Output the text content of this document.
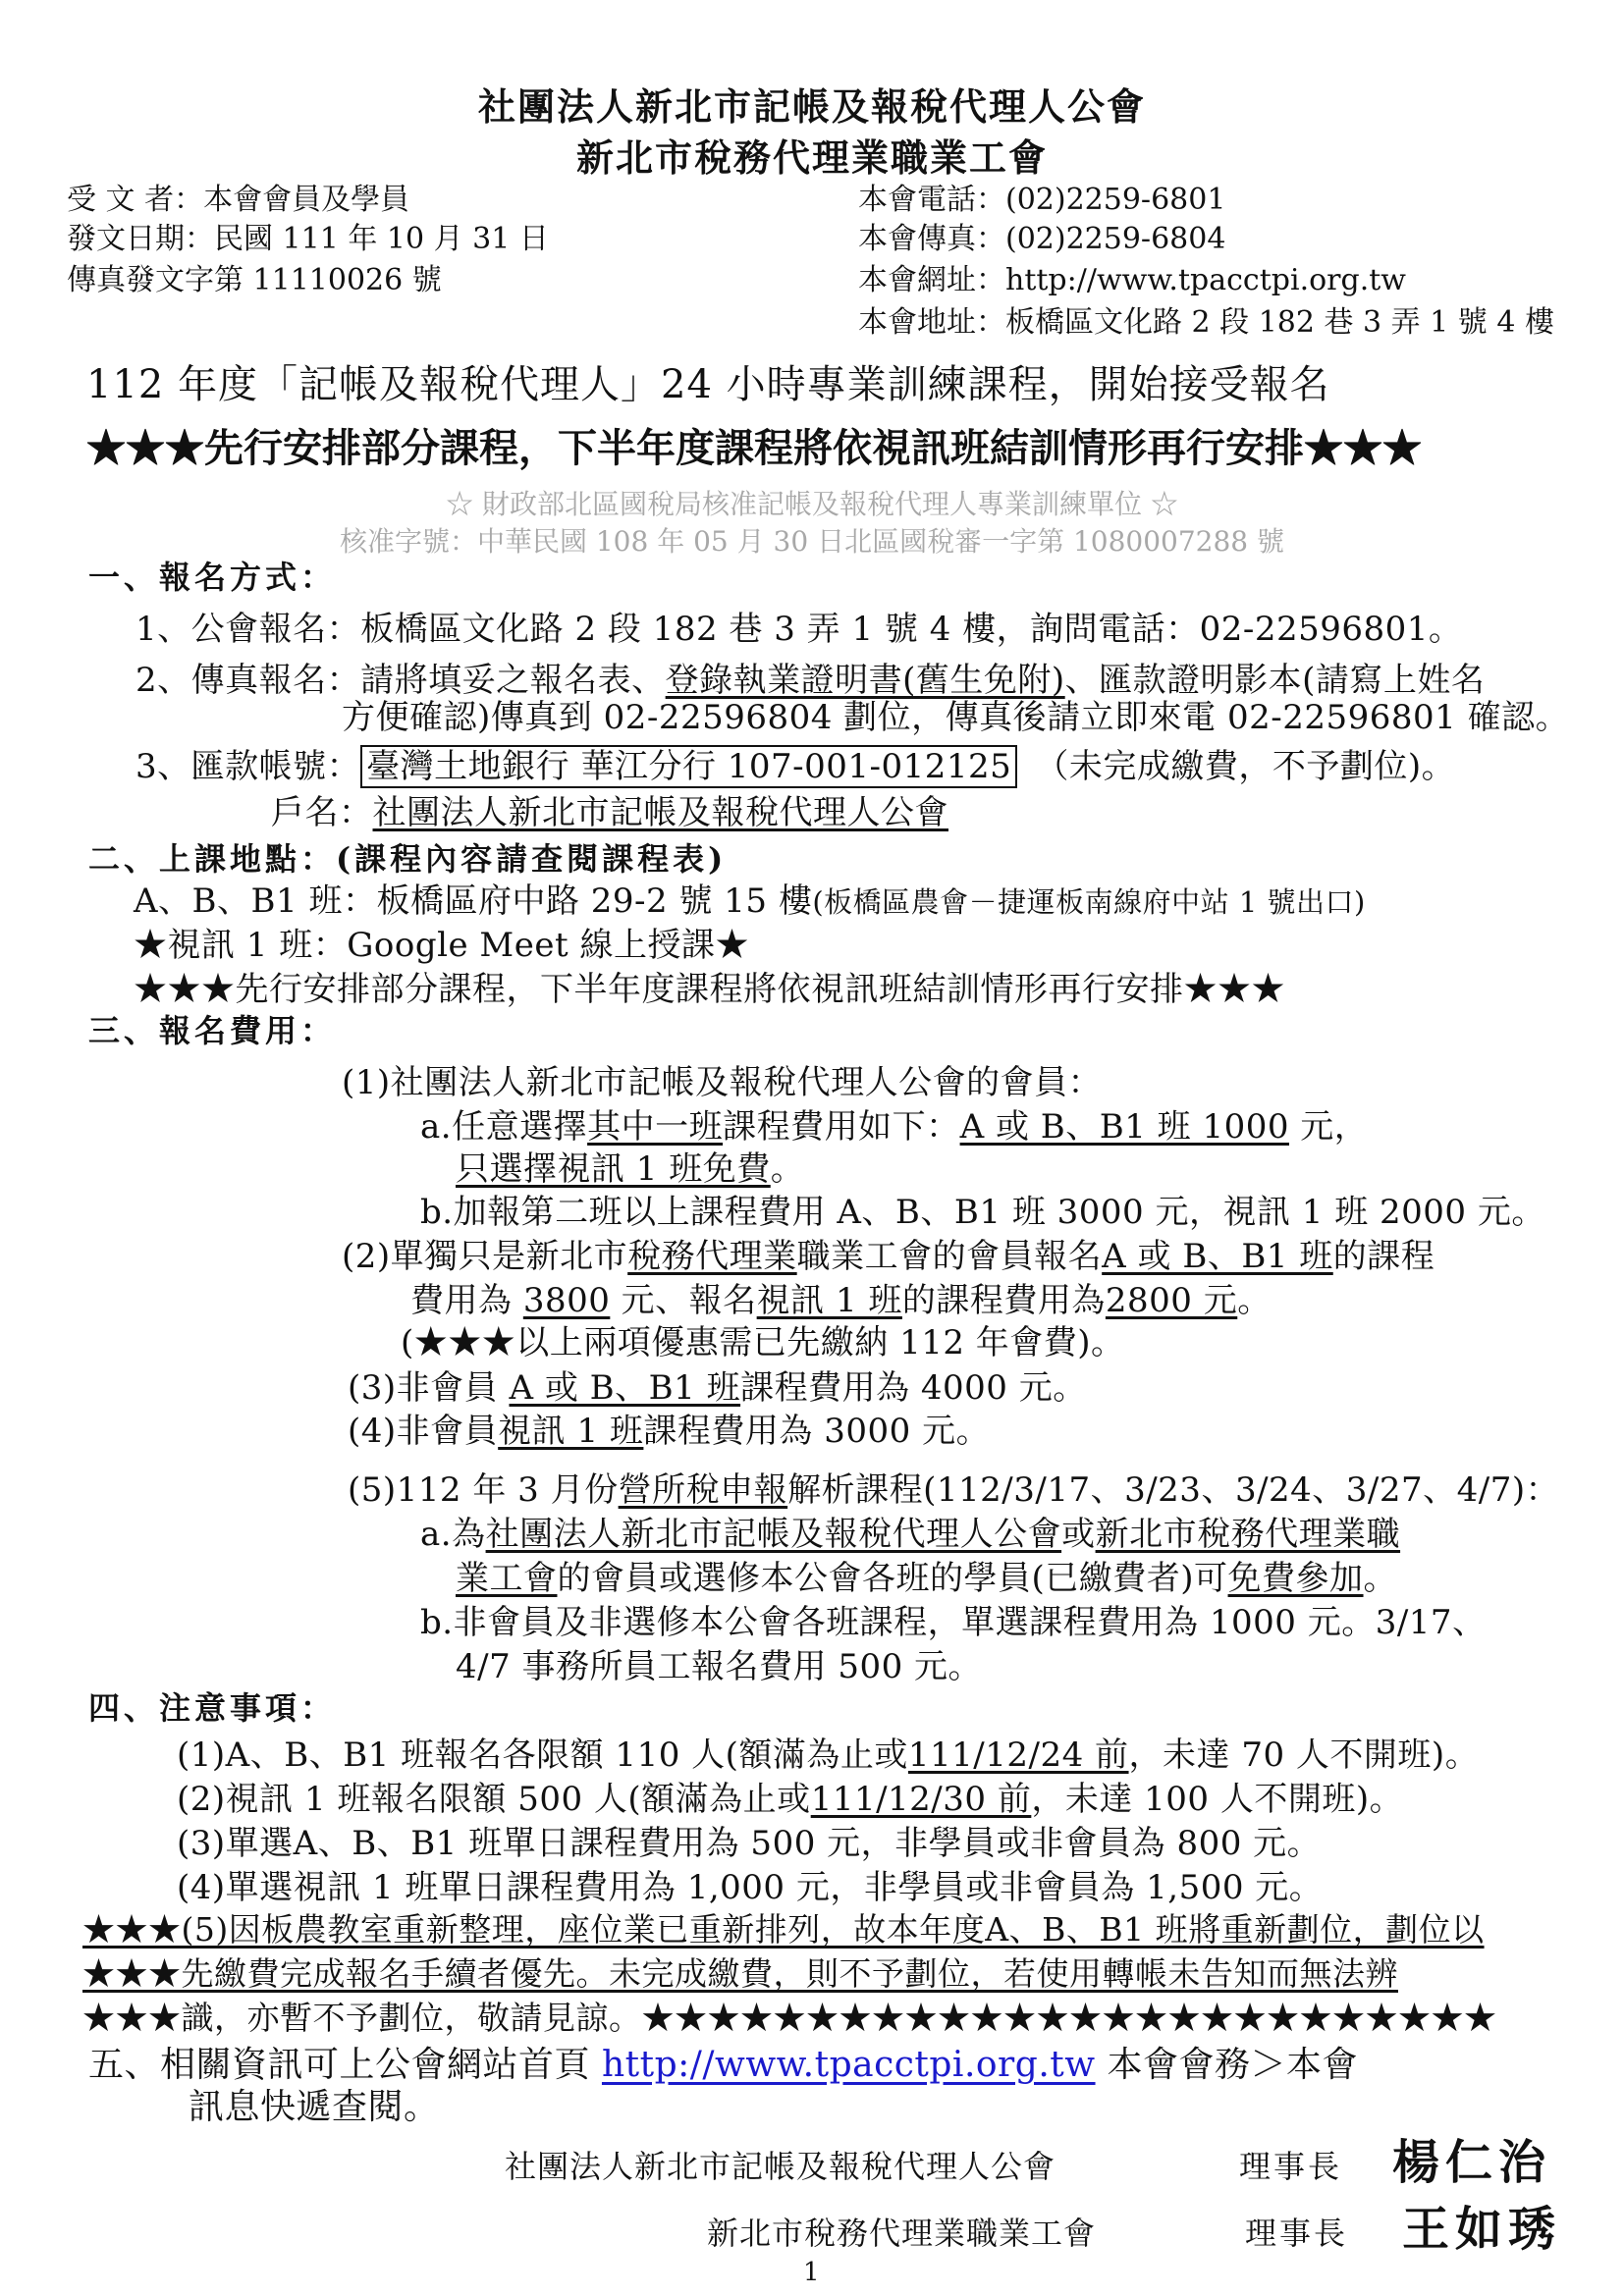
社團法人新北市記帳及報稅代理人公會
新北市稅務代理業職業工會
受 文 者：本會會員及學員
發文日期：民國 111 年 10 月 31 日
傳真發文字第 11110026 號
本會電話：(02)2259-6801
本會傳真：(02)2259-6804
本會網址：http://www.tpacctpi.org.tw
本會地址：板橋區文化路 2 段 182 巷 3 弄 1 號 4 樓
112 年度「記帳及報稅代理人」24 小時專業訓練課程，開始接受報名
★★★先行安排部分課程，下半年度課程將依視訊班結訓情形再行安排★★★
☆ 財政部北區國稅局核准記帳及報稅代理人專業訓練單位 ☆
核准字號：中華民國 108 年 05 月 30 日北區國稅審一字第 1080007288 號
一、報名方式：
1、公會報名：板橋區文化路 2 段 182 巷 3 弄 1 號 4 樓，詢問電話：02-22596801。
2、傳真報名：請將填妥之報名表、登錄執業證明書(舊生免附)、匯款證明影本(請寫上姓名
方便確認)傳真到 02-22596804 劃位，傳真後請立即來電 02-22596801 確認。
3、匯款帳號： 臺灣土地銀行 華江分行 107-001-012125 （未完成繳費，不予劃位)。
戶名：社團法人新北市記帳及報稅代理人公會
二、上課地點：(課程內容請查閱課程表)
A、B、B1 班：板橋區府中路 29-2 號 15 樓(板橋區農會－捷運板南線府中站 1 號出口)
★視訊 1 班：Google Meet 線上授課★
★★★先行安排部分課程，下半年度課程將依視訊班結訓情形再行安排★★★
三、報名費用：
(1)社團法人新北市記帳及報稅代理人公會的會員：
a.任意選擇其中一班課程費用如下：A 或 B、B1 班 1000 元，
只選擇視訊 1 班免費。
b.加報第二班以上課程費用 A、B、B1 班 3000 元，視訊 1 班 2000 元。
(2)單獨只是新北市稅務代理業職業工會的會員報名A 或 B、B1 班的課程
費用為 3800 元、報名視訊 1 班的課程費用為2800 元。
(★★★以上兩項優惠需已先繳納 112 年會費)。
(3)非會員 A 或 B、B1 班課程費用為 4000 元。
(4)非會員視訊 1 班課程費用為 3000 元。
(5)112 年 3 月份營所稅申報解析課程(112/3/17、3/23、3/24、3/27、4/7)：
a.為社團法人新北市記帳及報稅代理人公會或新北市稅務代理業職
業工會的會員或選修本公會各班的學員(已繳費者)可免費參加。
b.非會員及非選修本公會各班課程，單選課程費用為 1000 元。3/17、
4/7 事務所員工報名費用 500 元。
四、注意事項：
(1)A、B、B1 班報名各限額 110 人(額滿為止或111/12/24 前，未達 70 人不開班)。
(2)視訊 1 班報名限額 500 人(額滿為止或111/12/30 前，未達 100 人不開班)。
(3)單選A、B、B1 班單日課程費用為 500 元，非學員或非會員為 800 元。
(4)單選視訊 1 班單日課程費用為 1,000 元，非學員或非會員為 1,500 元。
★★★(5)因板農教室重新整理，座位業已重新排列，故本年度A、B、B1 班將重新劃位，劃位以
★★★先繳費完成報名手續者優先。未完成繳費，則不予劃位，若使用轉帳未告知而無法辨
★★★識，亦暫不予劃位，敬請見諒。★★★★★★★★★★★★★★★★★★★★★★★★★★
五、相關資訊可上公會網站首頁 http://www.tpacctpi.org.tw 本會會務＞本會
訊息快遞查閱。
社團法人新北市記帳及報稅代理人公會	理事長 楊仁治
新北市稅務代理業職業工會	理事長 王如琇
1
